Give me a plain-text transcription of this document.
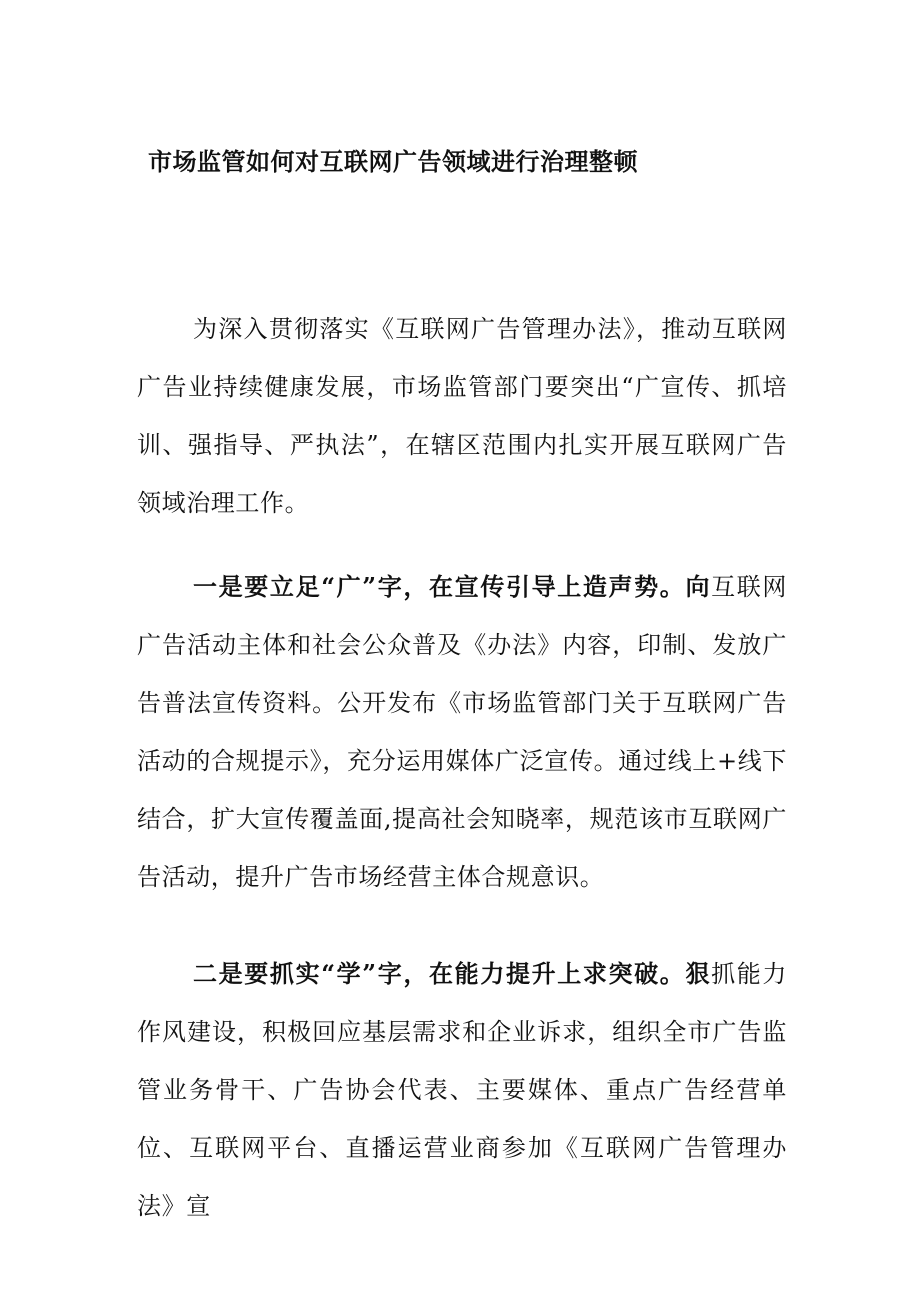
市场监管如何对互联网广告领域进行治理整顿

为深入贯彻落实《互联网广告管理办法》，推动互联网广告业持续健康发展，市场监管部门要突出“广宣传、抓培训、强指导、严执法”，在辖区范围内扎实开展互联网广告领域治理工作。

一是要立足“广”字，在宣传引导上造声势。向互联网广告活动主体和社会公众普及《办法》内容，印制、发放广告普法宣传资料。公开发布《市场监管部门关于互联网广告活动的合规提示》，充分运用媒体广泛宣传。通过线上+线下结合，扩大宣传覆盖面,提高社会知晓率，规范该市互联网广告活动，提升广告市场经营主体合规意识。

二是要抓实“学”字，在能力提升上求突破。狠抓能力作风建设，积极回应基层需求和企业诉求，组织全市广告监管业务骨干、广告协会代表、主要媒体、重点广告经营单位、互联网平台、直播运营业商参加《互联网广告管理办法》宣
